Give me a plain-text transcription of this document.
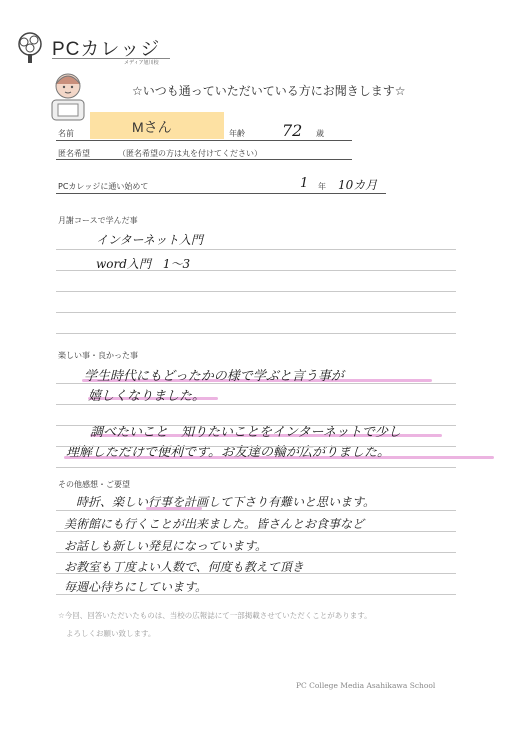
PCカレッジ
メディア旭川校
☆いつも通っていただいている方にお聞きします☆
名前	Mさん	年齢 72 歳
匿名希望	（匿名希望の方は丸を付けてください）
PCカレッジに通い始めて	1 年 10カ月
月謝コースで学んだ事
インターネット入門
word入門　1～3
楽しい事・良かった事
学生時代にもどったかの様で学ぶと言う事が
嬉しくなりました。
調べたいこと　知りたいことをインターネットで少し
理解しただけで便利です。お友達の輪が広がりました。
その他感想・ご要望
時折、楽しい行事を計画して下さり有難いと思います。
美術館にも行くことが出来ました。皆さんとお食事など
お話しも新しい発見になっています。
お教室も丁度よい人数で、何度も教えて頂き
毎週心待ちにしています。
☆今回、回答いただいたものは、当校の広報誌にて一部掲載させていただくことがあります。
よろしくお願い致します。
PC College Media Asahikawa School
